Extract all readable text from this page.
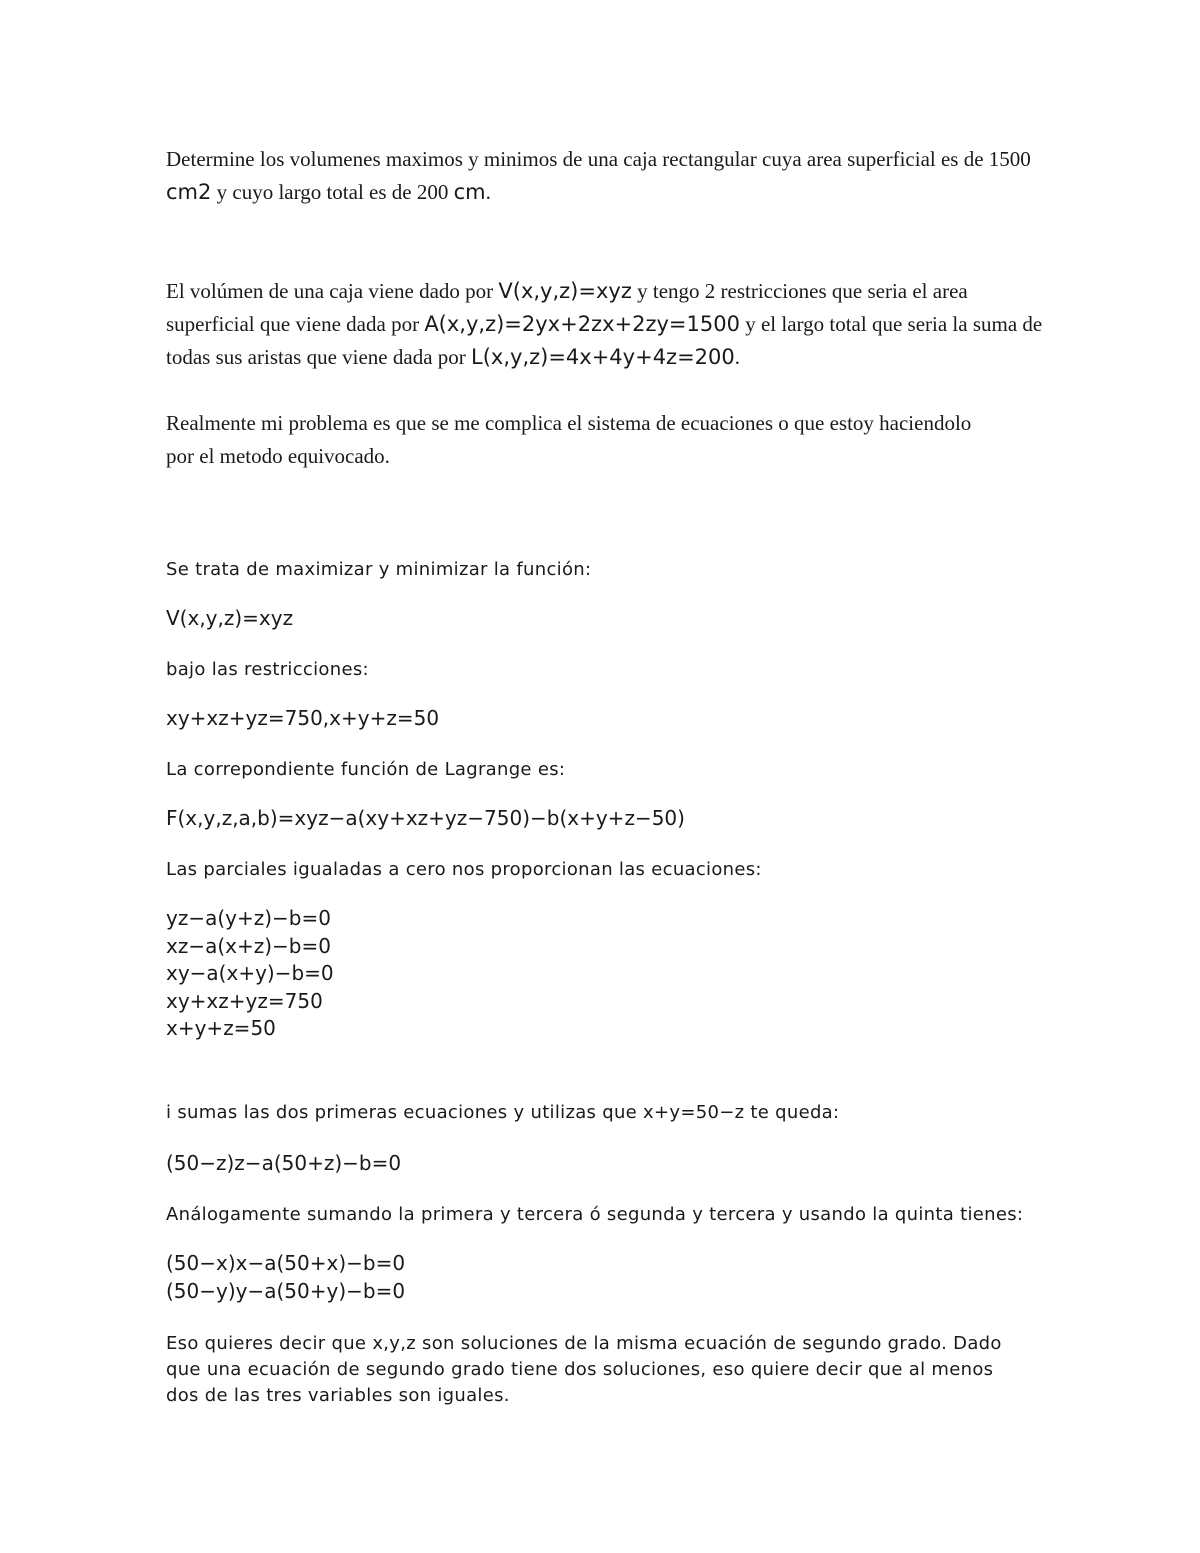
Determine los volumenes maximos y minimos de una caja rectangular cuya area superficial es de 1500 cm2 y cuyo largo total es de 200 cm.

El volúmen de una caja viene dado por V(x,y,z)=xyz y tengo 2 restricciones que seria el area superficial que viene dada por A(x,y,z)=2yx+2zx+2zy=1500 y el largo total que seria la suma de todas sus aristas que viene dada por L(x,y,z)=4x+4y+4z=200.

Realmente mi problema es que se me complica el sistema de ecuaciones o que estoy haciendolo por el metodo equivocado.

Se trata de maximizar y minimizar la función:

V(x,y,z)=xyz

bajo las restricciones:

xy+xz+yz=750,x+y+z=50

La correpondiente función de Lagrange es:

F(x,y,z,a,b)=xyz−a(xy+xz+yz−750)−b(x+y+z−50)

Las parciales igualadas a cero nos proporcionan las ecuaciones:

yz−a(y+z)−b=0
xz−a(x+z)−b=0
xy−a(x+y)−b=0
xy+xz+yz=750
x+y+z=50

i sumas las dos primeras ecuaciones y utilizas que x+y=50−z te queda:

(50−z)z−a(50+z)−b=0

Análogamente sumando la primera y tercera ó segunda y tercera y usando la quinta tienes:

(50−x)x−a(50+x)−b=0
(50−y)y−a(50+y)−b=0
Eso quieres decir que x,y,z son soluciones de la misma ecuación de segundo grado. Dado
que una ecuación de segundo grado tiene dos soluciones, eso quiere decir que al menos
dos de las tres variables son iguales.
